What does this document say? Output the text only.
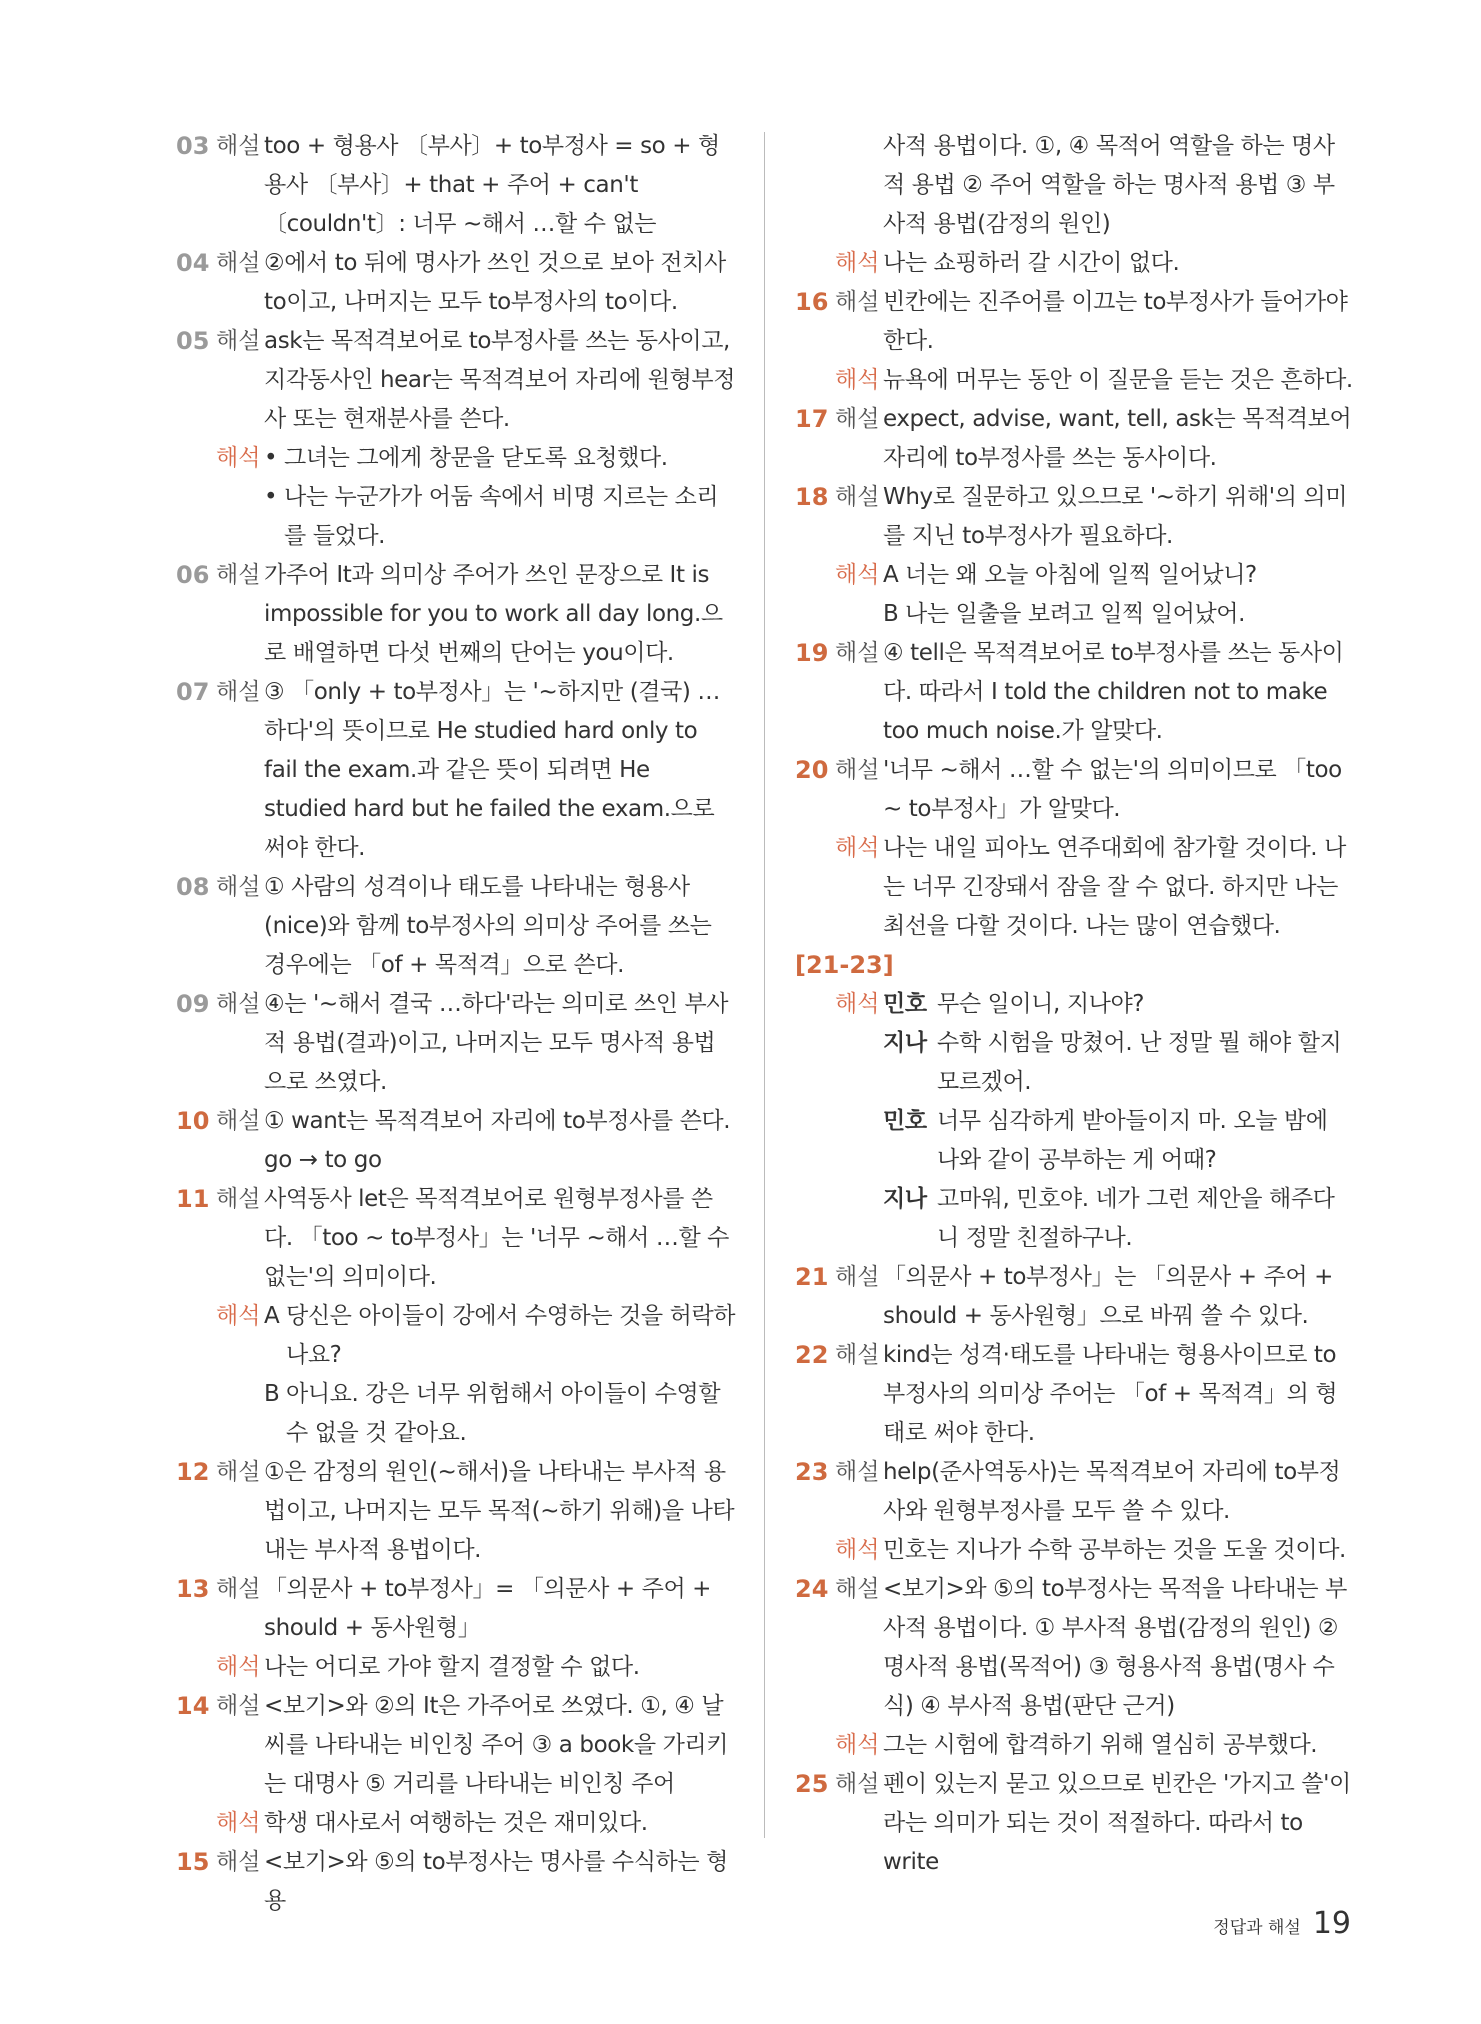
03 해설 too + 형용사 〔부사〕+ to부정사 = so + 형용사 〔부사〕+ that + 주어 + can't 〔couldn't〕: 너무 ~해서 …할 수 없는
04 해설 ②에서 to 뒤에 명사가 쓰인 것으로 보아 전치사 to이고, 나머지는 모두 to부정사의 to이다.
05 해설 ask는 목적격보어로 to부정사를 쓰는 동사이고, 지각동사인 hear는 목적격보어 자리에 원형부정사 또는 현재분사를 쓴다.
해석 • 그녀는 그에게 창문을 닫도록 요청했다.
• 나는 누군가가 어둠 속에서 비명 지르는 소리를 들었다.
06 해설 가주어 It과 의미상 주어가 쓰인 문장으로 It is impossible for you to work all day long.으로 배열하면 다섯 번째의 단어는 you이다.
07 해설 ③ 「only + to부정사」는 '~하지만 (결국) …하다'의 뜻이므로 He studied hard only to fail the exam.과 같은 뜻이 되려면 He studied hard but he failed the exam.으로 써야 한다.
08 해설 ① 사람의 성격이나 태도를 나타내는 형용사(nice)와 함께 to부정사의 의미상 주어를 쓰는 경우에는 「of + 목적격」으로 쓴다.
09 해설 ④는 '~해서 결국 …하다'라는 의미로 쓰인 부사적 용법(결과)이고, 나머지는 모두 명사적 용법으로 쓰였다.
10 해설 ① want는 목적격보어 자리에 to부정사를 쓴다. go → to go
11 해설 사역동사 let은 목적격보어로 원형부정사를 쓴다. 「too ~ to부정사」는 '너무 ~해서 …할 수 없는'의 의미이다.
해석 A 당신은 아이들이 강에서 수영하는 것을 허락하나요?
B 아니요. 강은 너무 위험해서 아이들이 수영할 수 없을 것 같아요.
12 해설 ①은 감정의 원인(~해서)을 나타내는 부사적 용법이고, 나머지는 모두 목적(~하기 위해)을 나타내는 부사적 용법이다.
13 해설 「의문사 + to부정사」= 「의문사 + 주어 + should + 동사원형」
해석 나는 어디로 가야 할지 결정할 수 없다.
14 해설 <보기>와 ②의 It은 가주어로 쓰였다. ①, ④ 날씨를 나타내는 비인칭 주어 ③ a book을 가리키는 대명사 ⑤ 거리를 나타내는 비인칭 주어
해석 학생 대사로서 여행하는 것은 재미있다.
15 해설 <보기>와 ⑤의 to부정사는 명사를 수식하는 형용
사적 용법이다. ①, ④ 목적어 역할을 하는 명사적 용법 ② 주어 역할을 하는 명사적 용법 ③ 부사적 용법(감정의 원인)
해석 나는 쇼핑하러 갈 시간이 없다.
16 해설 빈칸에는 진주어를 이끄는 to부정사가 들어가야 한다.
해석 뉴욕에 머무는 동안 이 질문을 듣는 것은 흔하다.
17 해설 expect, advise, want, tell, ask는 목적격보어 자리에 to부정사를 쓰는 동사이다.
18 해설 Why로 질문하고 있으므로 '~하기 위해'의 의미를 지닌 to부정사가 필요하다.
해석 A 너는 왜 오늘 아침에 일찍 일어났니?
B 나는 일출을 보려고 일찍 일어났어.
19 해설 ④ tell은 목적격보어로 to부정사를 쓰는 동사이다. 따라서 I told the children not to make too much noise.가 알맞다.
20 해설 '너무 ~해서 …할 수 없는'의 의미이므로 「too ~ to부정사」가 알맞다.
해석 나는 내일 피아노 연주대회에 참가할 것이다. 나는 너무 긴장돼서 잠을 잘 수 없다. 하지만 나는 최선을 다할 것이다. 나는 많이 연습했다.
[21-23]
해석 민호 무슨 일이니, 지나야?
지나 수학 시험을 망쳤어. 난 정말 뭘 해야 할지 모르겠어.
민호 너무 심각하게 받아들이지 마. 오늘 밤에 나와 같이 공부하는 게 어때?
지나 고마워, 민호야. 네가 그런 제안을 해주다니 정말 친절하구나.
21 해설 「의문사 + to부정사」는 「의문사 + 주어 + should + 동사원형」으로 바꿔 쓸 수 있다.
22 해설 kind는 성격·태도를 나타내는 형용사이므로 to부정사의 의미상 주어는 「of + 목적격」의 형태로 써야 한다.
23 해설 help(준사역동사)는 목적격보어 자리에 to부정사와 원형부정사를 모두 쓸 수 있다.
해석 민호는 지나가 수학 공부하는 것을 도울 것이다.
24 해설 <보기>와 ⑤의 to부정사는 목적을 나타내는 부사적 용법이다. ① 부사적 용법(감정의 원인) ② 명사적 용법(목적어) ③ 형용사적 용법(명사 수식) ④ 부사적 용법(판단 근거)
해석 그는 시험에 합격하기 위해 열심히 공부했다.
25 해설 펜이 있는지 묻고 있으므로 빈칸은 '가지고 쓸'이라는 의미가 되는 것이 적절하다. 따라서 to write
정답과 해설 19
